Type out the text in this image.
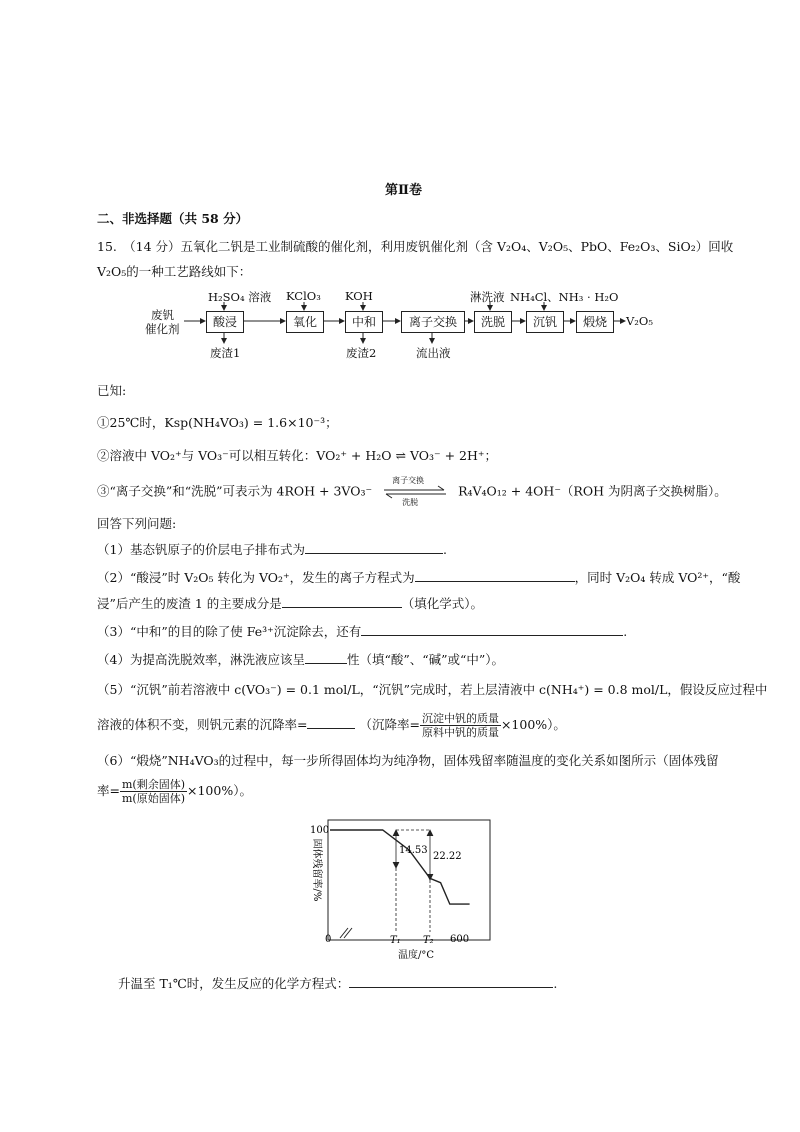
第Ⅱ卷
二、非选择题（共 58 分）
15.　（14 分）五氧化二钒是工业制硫酸的催化剂，利用废钒催化剂（含 V₂O₄、V₂O₅、PbO、Fe₂O₃、SiO₂）回收
V₂O₅的一种工艺路线如下：
废钒
催化剂
H₂SO₄ 溶液 KClO₃ KOH	淋洗液 NH₄Cl、NH₃ · H₂O
酸浸	氧化	中和	离子交换	洗脱	沉钒	煅烧	V₂O₅
废渣1	废渣2	流出液
已知:
①25℃时，Ksp(NH₄VO₃) = 1.6×10⁻³；
②溶液中 VO₂⁺与 VO₃⁻可以相互转化：VO₂⁺ + H₂O ⇌ VO₃⁻ + 2H⁺；
③“离子交换”和“洗脱”可表示为 4ROH + 3VO₃⁻
离子交换
洗脱
R₄V₄O₁₂ + 4OH⁻（ROH 为阴离子交换树脂）。
回答下列问题:
（1）基态钒原子的价层电子排布式为	.
（2）“酸浸”时 V₂O₅ 转化为 VO₂⁺，发生的离子方程式为	，同时 V₂O₄ 转成 VO²⁺，“酸
浸”后产生的废渣 1 的主要成分是	（填化学式）。
（3）“中和”的目的除了使 Fe³⁺沉淀除去，还有	.
（4）为提高洗脱效率，淋洗液应该呈	性（填“酸”、“碱”或“中”）。
（5）“沉钒”前若溶液中 c(VO₃⁻) = 0.1 mol/L，“沉钒”完成时，若上层清液中 c(NH₄⁺) = 0.8 mol/L，假设反应过程中
溶液的体积不变，则钒元素的沉降率=	（沉降率= $\frac{\text{沉淀中钒的质量}}{\text{原料中钒的质量}} \times 100\%$）。
（6）“煅烧”NH₄VO₃的过程中，每一步所得固体均为纯净物，固体残留率随温度的变化关系如图所示（固体残留
率= $\frac{\text{m(剩余固体)}}{\text{m(原始固体)}} \times 100\%$）。
固体残留率/%
100
0	T₁ T₂ 600
温度/°C
14.53
22.22
升温至 T₁℃时，发生反应的化学方程式：	.
